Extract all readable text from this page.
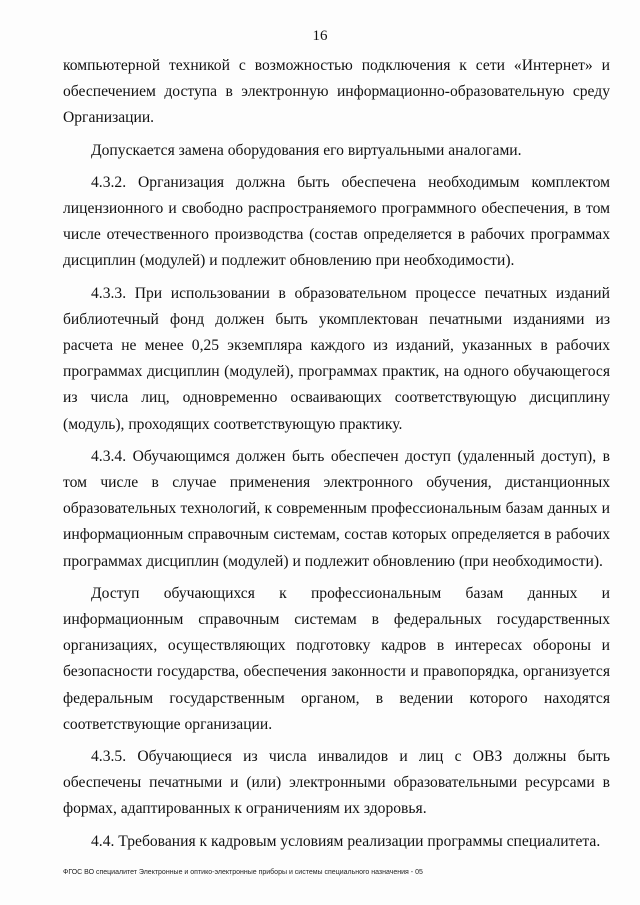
16

компьютерной техникой с возможностью подключения к сети «Интернет» и обеспечением доступа в электронную информационно-образовательную среду Организации.

Допускается замена оборудования его виртуальными аналогами.

4.3.2. Организация должна быть обеспечена необходимым комплектом лицензионного и свободно распространяемого программного обеспечения, в том числе отечественного производства (состав определяется в рабочих программах дисциплин (модулей) и подлежит обновлению при необходимости).

4.3.3. При использовании в образовательном процессе печатных изданий библиотечный фонд должен быть укомплектован печатными изданиями из расчета не менее 0,25 экземпляра каждого из изданий, указанных в рабочих программах дисциплин (модулей), программах практик, на одного обучающегося из числа лиц, одновременно осваивающих соответствующую дисциплину (модуль), проходящих соответствующую практику.

4.3.4. Обучающимся должен быть обеспечен доступ (удаленный доступ), в том числе в случае применения электронного обучения, дистанционных образовательных технологий, к современным профессиональным базам данных и информационным справочным системам, состав которых определяется в рабочих программах дисциплин (модулей) и подлежит обновлению (при необходимости).

Доступ обучающихся к профессиональным базам данных и информационным справочным системам в федеральных государственных организациях, осуществляющих подготовку кадров в интересах обороны и безопасности государства, обеспечения законности и правопорядка, организуется федеральным государственным органом, в ведении которого находятся соответствующие организации.

4.3.5. Обучающиеся из числа инвалидов и лиц с ОВЗ должны быть обеспечены печатными и (или) электронными образовательными ресурсами в формах, адаптированных к ограничениям их здоровья.

4.4. Требования к кадровым условиям реализации программы специалитета.

ФГОС ВО специалитет Электронные и оптико-электронные приборы и системы специального назначения - 05
